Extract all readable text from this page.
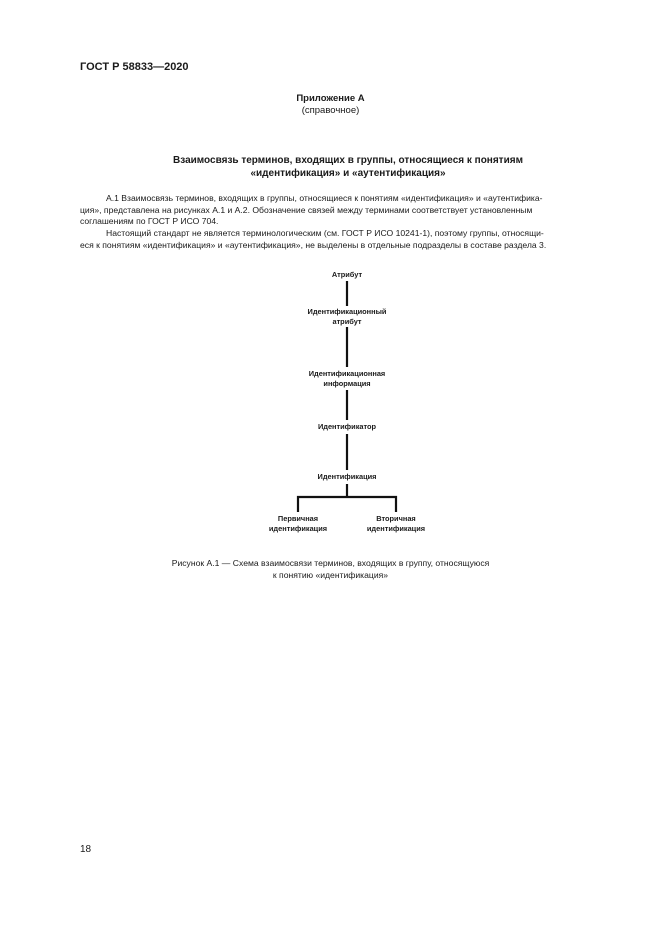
ГОСТ Р 58833—2020
Приложение А
(справочное)
Взаимосвязь терминов, входящих в группы, относящиеся к понятиям
«идентификация» и «аутентификация»
А.1 Взаимосвязь терминов, входящих в группы, относящиеся к понятиям «идентификация» и «аутентифика-
ция», представлена на рисунках А.1 и А.2. Обозначение связей между терминами соответствует установленным
соглашениям по ГОСТ Р ИСО 704.
Настоящий стандарт не является терминологическим (см. ГОСТ Р ИСО 10241-1), поэтому группы, относящи-
еся к понятиям «идентификация» и «аутентификация», не выделены в отдельные подразделы в составе раздела 3.
Атрибут
Идентификационный
атрибут
Идентификационная
информация
Идентификатор
Идентификация
Первичная
идентификация
Вторичная
идентификация
Рисунок А.1 — Схема взаимосвязи терминов, входящих в группу, относящуюся
к понятию «идентификация»
18
